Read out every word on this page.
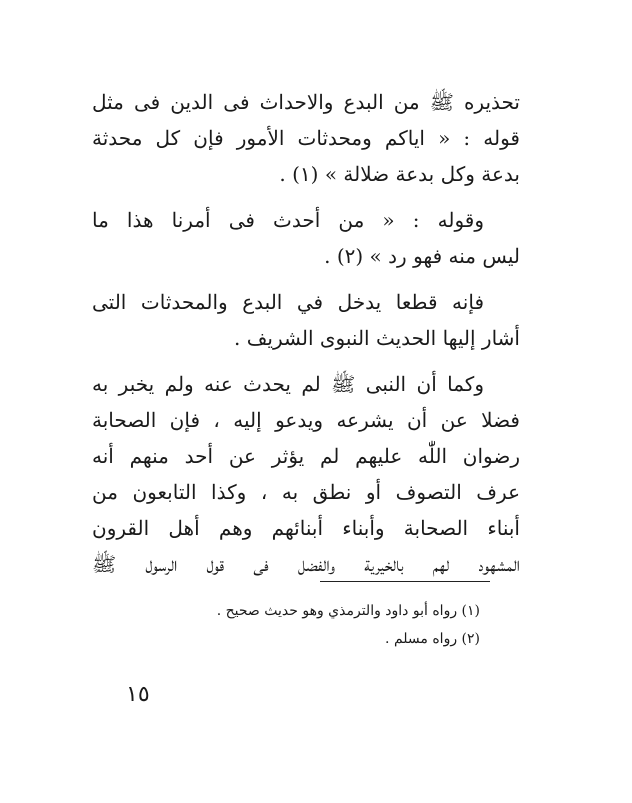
تحذيره ﷺ من البدع والاحداث فى الدين فى مثل
قوله : « اياكم ومحدثات الأمور فإن كل محدثة
بدعة وكل بدعة ضلالة » (١) .

وقوله : « من أحدث فى أمرنا هذا ما
ليس منه فهو رد » (٢) .

فإنه قطعا يدخل في البدع والمحدثات التى
أشار إليها الحديث النبوى الشريف .

وكما أن النبى ﷺ لم يحدث عنه ولم يخبر به
فضلا عن أن يشرعه ويدعو إليه ، فإن الصحابة
رضوان اللّٰه عليهم لم يؤثر عن أحد منهم أنه
عرف التصوف أو نطق به ، وكذا التابعون من
أبناء الصحابة وأبناء أبنائهم وهم أهل القرون
المشهود لهم بالخيرية والفضل فى قول الرسول ﷺ

(١) رواه أبو داود والترمذي وهو حديث صحيح .
(٢) رواه مسلم .
١٥
